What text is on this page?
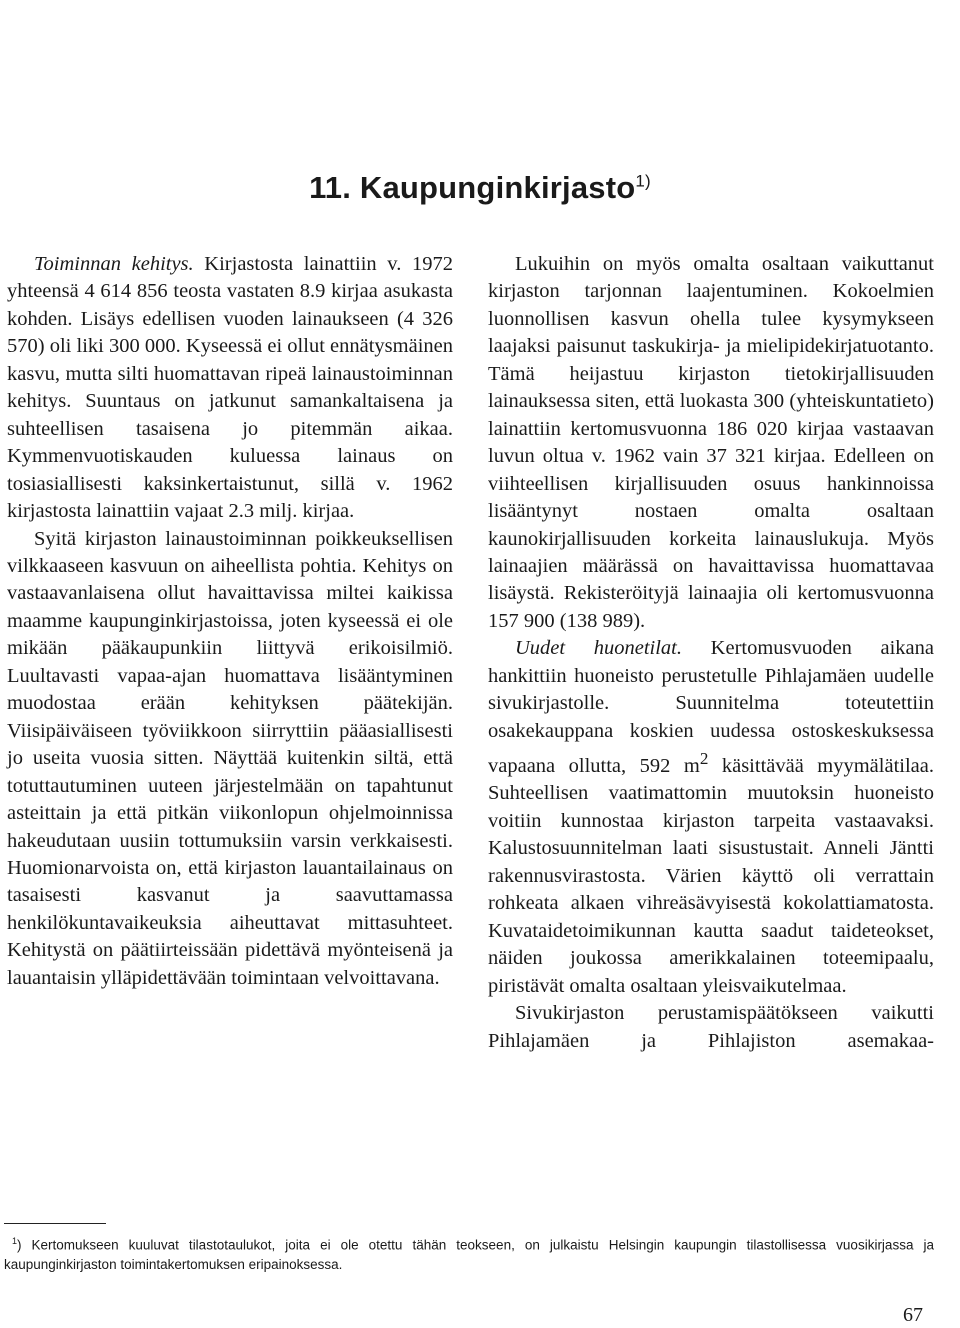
11. Kaupunginkirjasto$^{1)}$

Toiminnan kehitys. Kirjastosta lainattiin v. 1972 yhteensä 4 614 856 teosta vastaten 8.9 kirjaa asukasta kohden. Lisäys edellisen vuoden lainaukseen (4 326 570) oli liki 300 000. Kyseessä ei ollut ennätysmäinen kasvu, mutta silti huomattavan ripeä lainaustoiminnan kehitys. Suuntaus on jatkunut samankaltaisena ja suhteellisen tasaisena jo pitemmän aikaa. Kymmenvuotiskauden kuluessa lainaus on tosiasiallisesti kaksinkertaistunut, sillä v. 1962 kirjastosta lainattiin vajaat 2.3 milj. kirjaa.

Syitä kirjaston lainaustoiminnan poikkeuksellisen vilkkaaseen kasvuun on aiheellista pohtia. Kehitys on vastaavanlaisena ollut havaittavissa miltei kaikissa maamme kaupunginkirjastoissa, joten kyseessä ei ole mikään pääkaupunkiin liittyvä erikoisilmiö. Luultavasti vapaa-ajan huomattava lisääntyminen muodostaa erään kehityksen päätekijän. Viisipäiväiseen työviikkoon siirryttiin pääasiallisesti jo useita vuosia sitten. Näyttää kuitenkin siltä, että totuttautuminen uuteen järjestelmään on tapahtunut asteittain ja että pitkän viikonlopun ohjelmoinnissa hakeudutaan uusiin tottumuksiin varsin verkkaisesti. Huomionarvoista on, että kirjaston lauantailainaus on tasaisesti kasvanut ja saavuttamassa henkilökuntavaikeuksia aiheuttavat mittasuhteet. Kehitystä on päätiirteissään pidettävä myönteisenä ja lauantaisin ylläpidettävään toimintaan velvoittavana.

Lukuihin on myös omalta osaltaan vaikuttanut kirjaston tarjonnan laajentuminen. Kokoelmien luonnollisen kasvun ohella tulee kysymykseen laajaksi paisunut taskukirja- ja mielipidekirjatuotanto. Tämä heijastuu kirjaston tietokirjallisuuden lainauksessa siten, että luokasta 300 (yhteiskuntatieto) lainattiin kertomusvuonna 186 020 kirjaa vastaavan luvun oltua v. 1962 vain 37 321 kirjaa. Edelleen on viihteellisen kirjallisuuden osuus hankinnoissa lisääntynyt nostaen omalta osaltaan kaunokirjallisuuden korkeita lainauslukuja. Myös lainaajien määrässä on havaittavissa huomattavaa lisäystä. Rekisteröityjä lainaajia oli kertomusvuonna 157 900 (138 989).

Uudet huonetilat. Kertomusvuoden aikana hankittiin huoneisto perustetulle Pihlajamäen uudelle sivukirjastolle. Suunnitelma toteutettiin osakekauppana koskien uudessa ostoskeskuksessa vapaana ollutta, 592 $m^2$ käsittävää myymälätilaa. Suhteellisen vaatimattomin muutoksin huoneisto voitiin kunnostaa kirjaston tarpeita vastaavaksi. Kalustosuunnitelman laati sisustustait. Anneli Jäntti rakennusvirastosta. Värien käyttö oli verrattain rohkeata alkaen vihreäsävyisestä kokolattiamatosta. Kuvataidetoimikunnan kautta saadut taideteokset, näiden joukossa amerikkalainen toteemipaalu, piristävät omalta osaltaan yleisvaikutelmaa.

Sivukirjaston perustamispäätökseen vaikutti Pihlajamäen ja Pihlajiston asemakaa-

$^1$) Kertomukseen kuuluvat tilastotaulukot, joita ei ole otettu tähän teokseen, on julkaistu Helsingin kaupungin tilastollisessa vuosikirjassa ja kaupunginkirjaston toimintakertomuksen eripainoksessa.
67
